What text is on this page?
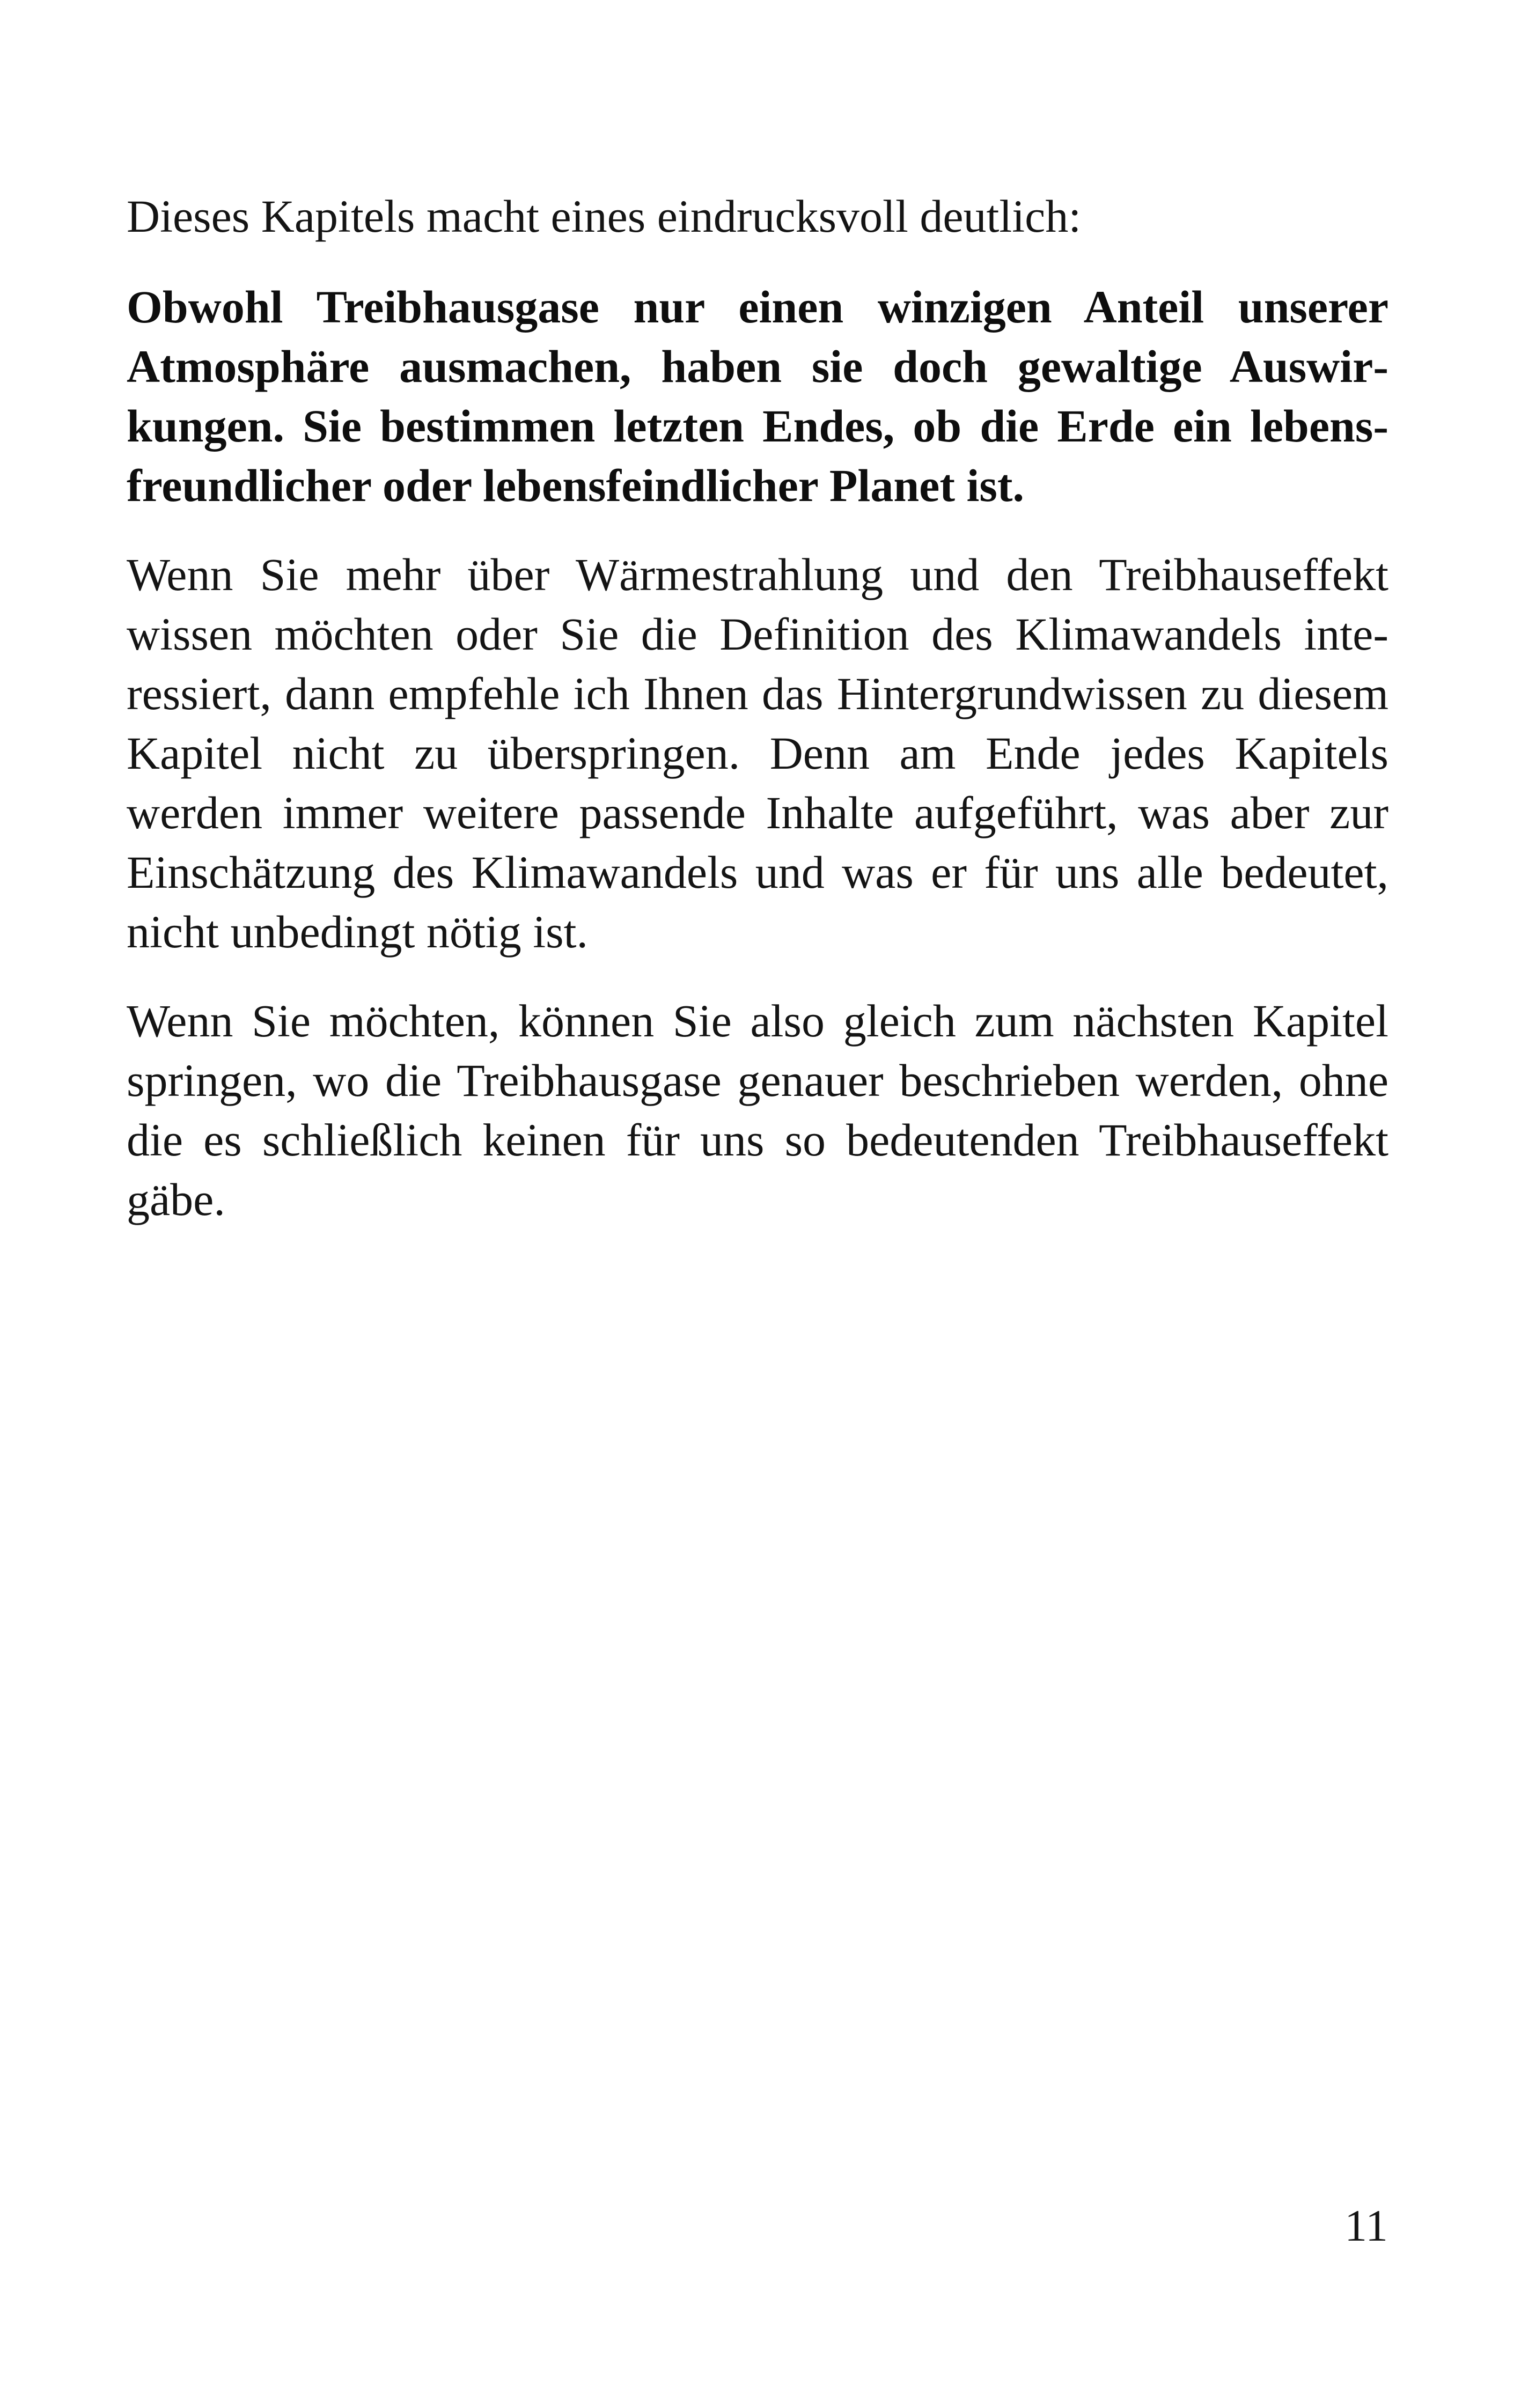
Dieses Kapitels macht eines eindrucksvoll deutlich:

Obwohl Treibhausgase nur einen winzigen Anteil unserer Atmosphäre ausmachen, haben sie doch gewaltige Auswirkungen. Sie bestimmen letzten Endes, ob die Erde ein lebensfreundlicher oder lebensfeindlicher Planet ist.

Wenn Sie mehr über Wärmestrahlung und den Treibhauseffekt wissen möchten oder Sie die Definition des Klimawandels interessiert, dann empfehle ich Ihnen das Hintergrundwissen zu diesem Kapitel nicht zu überspringen. Denn am Ende jedes Kapitels werden immer weitere passende Inhalte aufgeführt, was aber zur Einschätzung des Klimawandels und was er für uns alle bedeutet, nicht unbedingt nötig ist.

Wenn Sie möchten, können Sie also gleich zum nächsten Kapitel springen, wo die Treibhausgase genauer beschrieben werden, ohne die es schließlich keinen für uns so bedeutenden Treibhauseffekt gäbe.

11
